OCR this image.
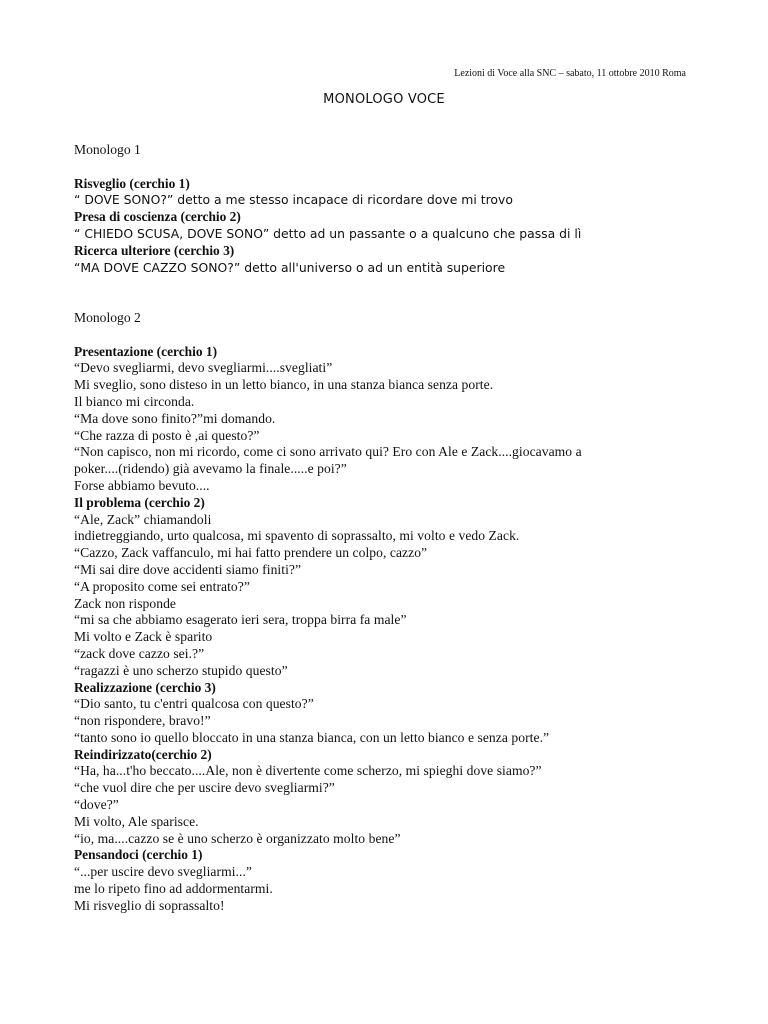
Lezioni di Voce alla SNC – sabato, 11 ottobre 2010 Roma
MONOLOGO VOCE
Monologo 1
Risveglio (cerchio 1)
“ DOVE SONO?” detto a me stesso incapace di ricordare dove mi trovo
Presa di coscienza (cerchio 2)
“ CHIEDO SCUSA, DOVE SONO” detto ad un passante o a qualcuno che passa di lì
Ricerca ulteriore (cerchio 3)
“MA DOVE CAZZO SONO?” detto all'universo o ad un entità superiore
Monologo 2
Presentazione (cerchio 1)
“Devo svegliarmi, devo svegliarmi....svegliati”
Mi sveglio, sono disteso in un letto bianco, in una stanza bianca senza porte.
Il bianco mi circonda.
“Ma dove sono finito?”mi domando.
“Che razza di posto è ,ai questo?”
“Non capisco, non mi ricordo, come ci sono arrivato qui? Ero con Ale e Zack....giocavamo a
poker....(ridendo) già avevamo la finale.....e poi?”
Forse abbiamo bevuto....
Il problema (cerchio 2)
“Ale, Zack” chiamandoli
indietreggiando, urto qualcosa, mi spavento di soprassalto, mi volto e vedo Zack.
“Cazzo, Zack vaffanculo, mi hai fatto prendere un colpo, cazzo”
“Mi sai dire dove accidenti siamo finiti?”
“A proposito come sei entrato?”
Zack non risponde
“mi sa che abbiamo esagerato ieri sera, troppa birra fa male”
Mi volto e Zack è sparito
“zack dove cazzo sei.?”
“ragazzi è uno scherzo stupido questo”
Realizzazione (cerchio 3)
“Dio santo, tu c'entri qualcosa con questo?”
“non rispondere, bravo!”
“tanto sono io quello bloccato in una stanza bianca, con un letto bianco e senza porte.”
Reindirizzato(cerchio 2)
“Ha, ha...t'ho beccato....Ale, non è divertente come scherzo, mi spieghi dove siamo?”
“che vuol dire che per uscire devo svegliarmi?”
“dove?”
Mi volto, Ale sparisce.
“io, ma....cazzo se è uno scherzo è organizzato molto bene”
Pensandoci (cerchio 1)
“...per uscire devo svegliarmi...”
me lo ripeto fino ad addormentarmi.
Mi risveglio di soprassalto!
